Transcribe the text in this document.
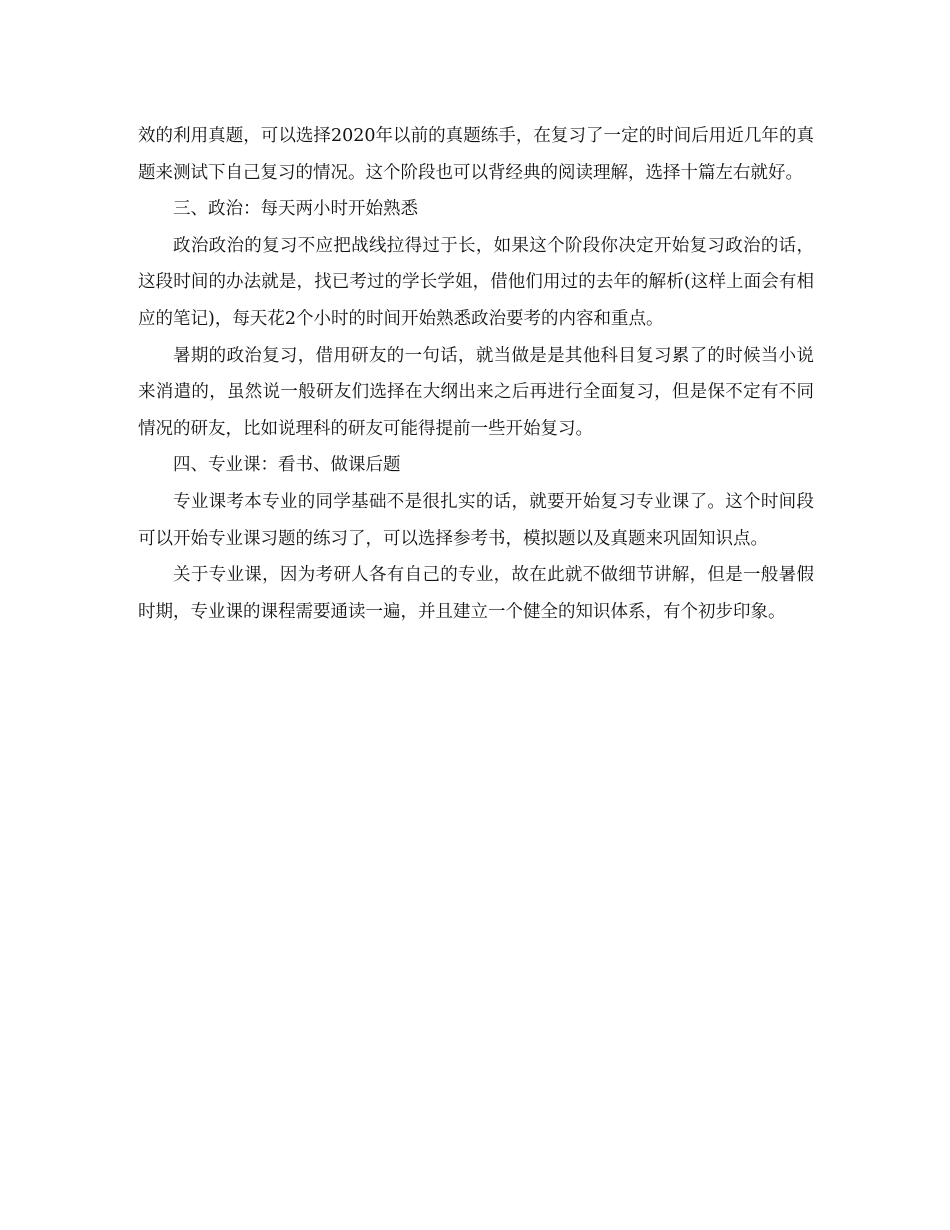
效的利用真题，可以选择2020年以前的真题练手，在复习了一定的时间后用近几年的真题来测试下自己复习的情况。这个阶段也可以背经典的阅读理解，选择十篇左右就好。

三、政治：每天两小时开始熟悉

政治政治的复习不应把战线拉得过于长，如果这个阶段你决定开始复习政治的话，这段时间的办法就是，找已考过的学长学姐，借他们用过的去年的解析(这样上面会有相应的笔记)，每天花2个小时的时间开始熟悉政治要考的内容和重点。

暑期的政治复习，借用研友的一句话，就当做是是其他科目复习累了的时候当小说来消遣的，虽然说一般研友们选择在大纲出来之后再进行全面复习，但是保不定有不同情况的研友，比如说理科的研友可能得提前一些开始复习。

四、专业课：看书、做课后题

专业课考本专业的同学基础不是很扎实的话，就要开始复习专业课了。这个时间段可以开始专业课习题的练习了，可以选择参考书，模拟题以及真题来巩固知识点。

关于专业课，因为考研人各有自己的专业，故在此就不做细节讲解，但是一般暑假时期，专业课的课程需要通读一遍，并且建立一个健全的知识体系，有个初步印象。
